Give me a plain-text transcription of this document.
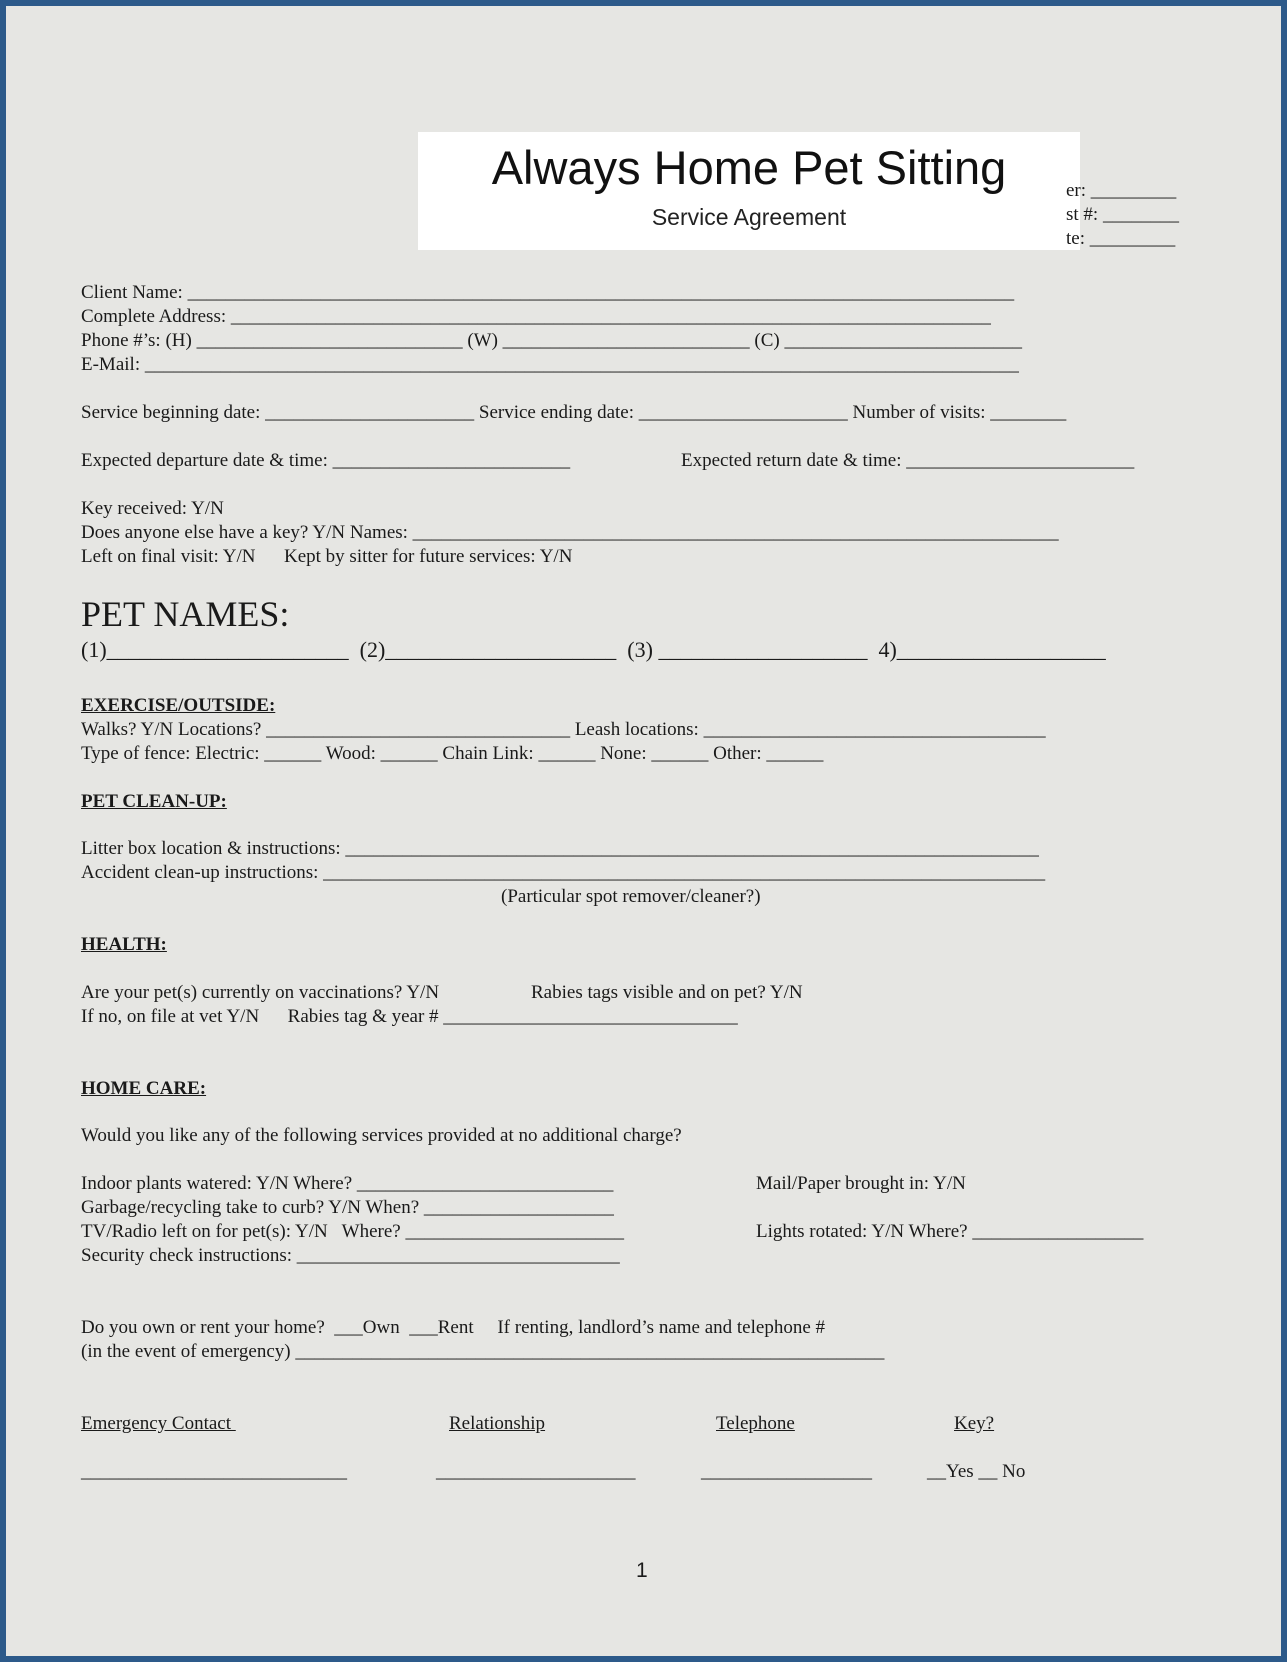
Always Home Pet Sitting
Service Agreement
er: _________
st #: ________
te: _________
Client Name: _______________________________________________________________________________________
Complete Address: ________________________________________________________________________________
Phone #’s: (H) ____________________________ (W) __________________________ (C) _________________________
E-Mail: ____________________________________________________________________________________________
Service beginning date: ______________________ Service ending date: ______________________ Number of visits: ________
Expected departure date & time: _________________________	Expected return date & time: ________________________
Key received: Y/N
Does anyone else have a key? Y/N Names: ____________________________________________________________________
Left on final visit: Y/N      Kept by sitter for future services: Y/N
PET NAMES:
(1)______________________  (2)_____________________  (3) ___________________  4)___________________
EXERCISE/OUTSIDE:
Walks? Y/N Locations? ________________________________ Leash locations: ____________________________________
Type of fence: Electric: ______ Wood: ______ Chain Link: ______ None: ______ Other: ______
PET CLEAN-UP:
Litter box location & instructions: _________________________________________________________________________
Accident clean-up instructions: ____________________________________________________________________________
(Particular spot remover/cleaner?)
HEALTH:
Are your pet(s) currently on vaccinations? Y/N	Rabies tags visible and on pet? Y/N
If no, on file at vet Y/N      Rabies tag & year # _______________________________
HOME CARE:
Would you like any of the following services provided at no additional charge?
Indoor plants watered: Y/N Where? ___________________________	Mail/Paper brought in: Y/N
Garbage/recycling take to curb? Y/N When? ____________________
TV/Radio left on for pet(s): Y/N   Where? _______________________	Lights rotated: Y/N Where? __________________
Security check instructions: __________________________________
Do you own or rent your home?  ___Own  ___Rent     If renting, landlord’s name and telephone #
(in the event of emergency) ______________________________________________________________
Emergency Contact	Relationship	Telephone	Key?
____________________________	_____________________	__________________	__Yes __ No
1
